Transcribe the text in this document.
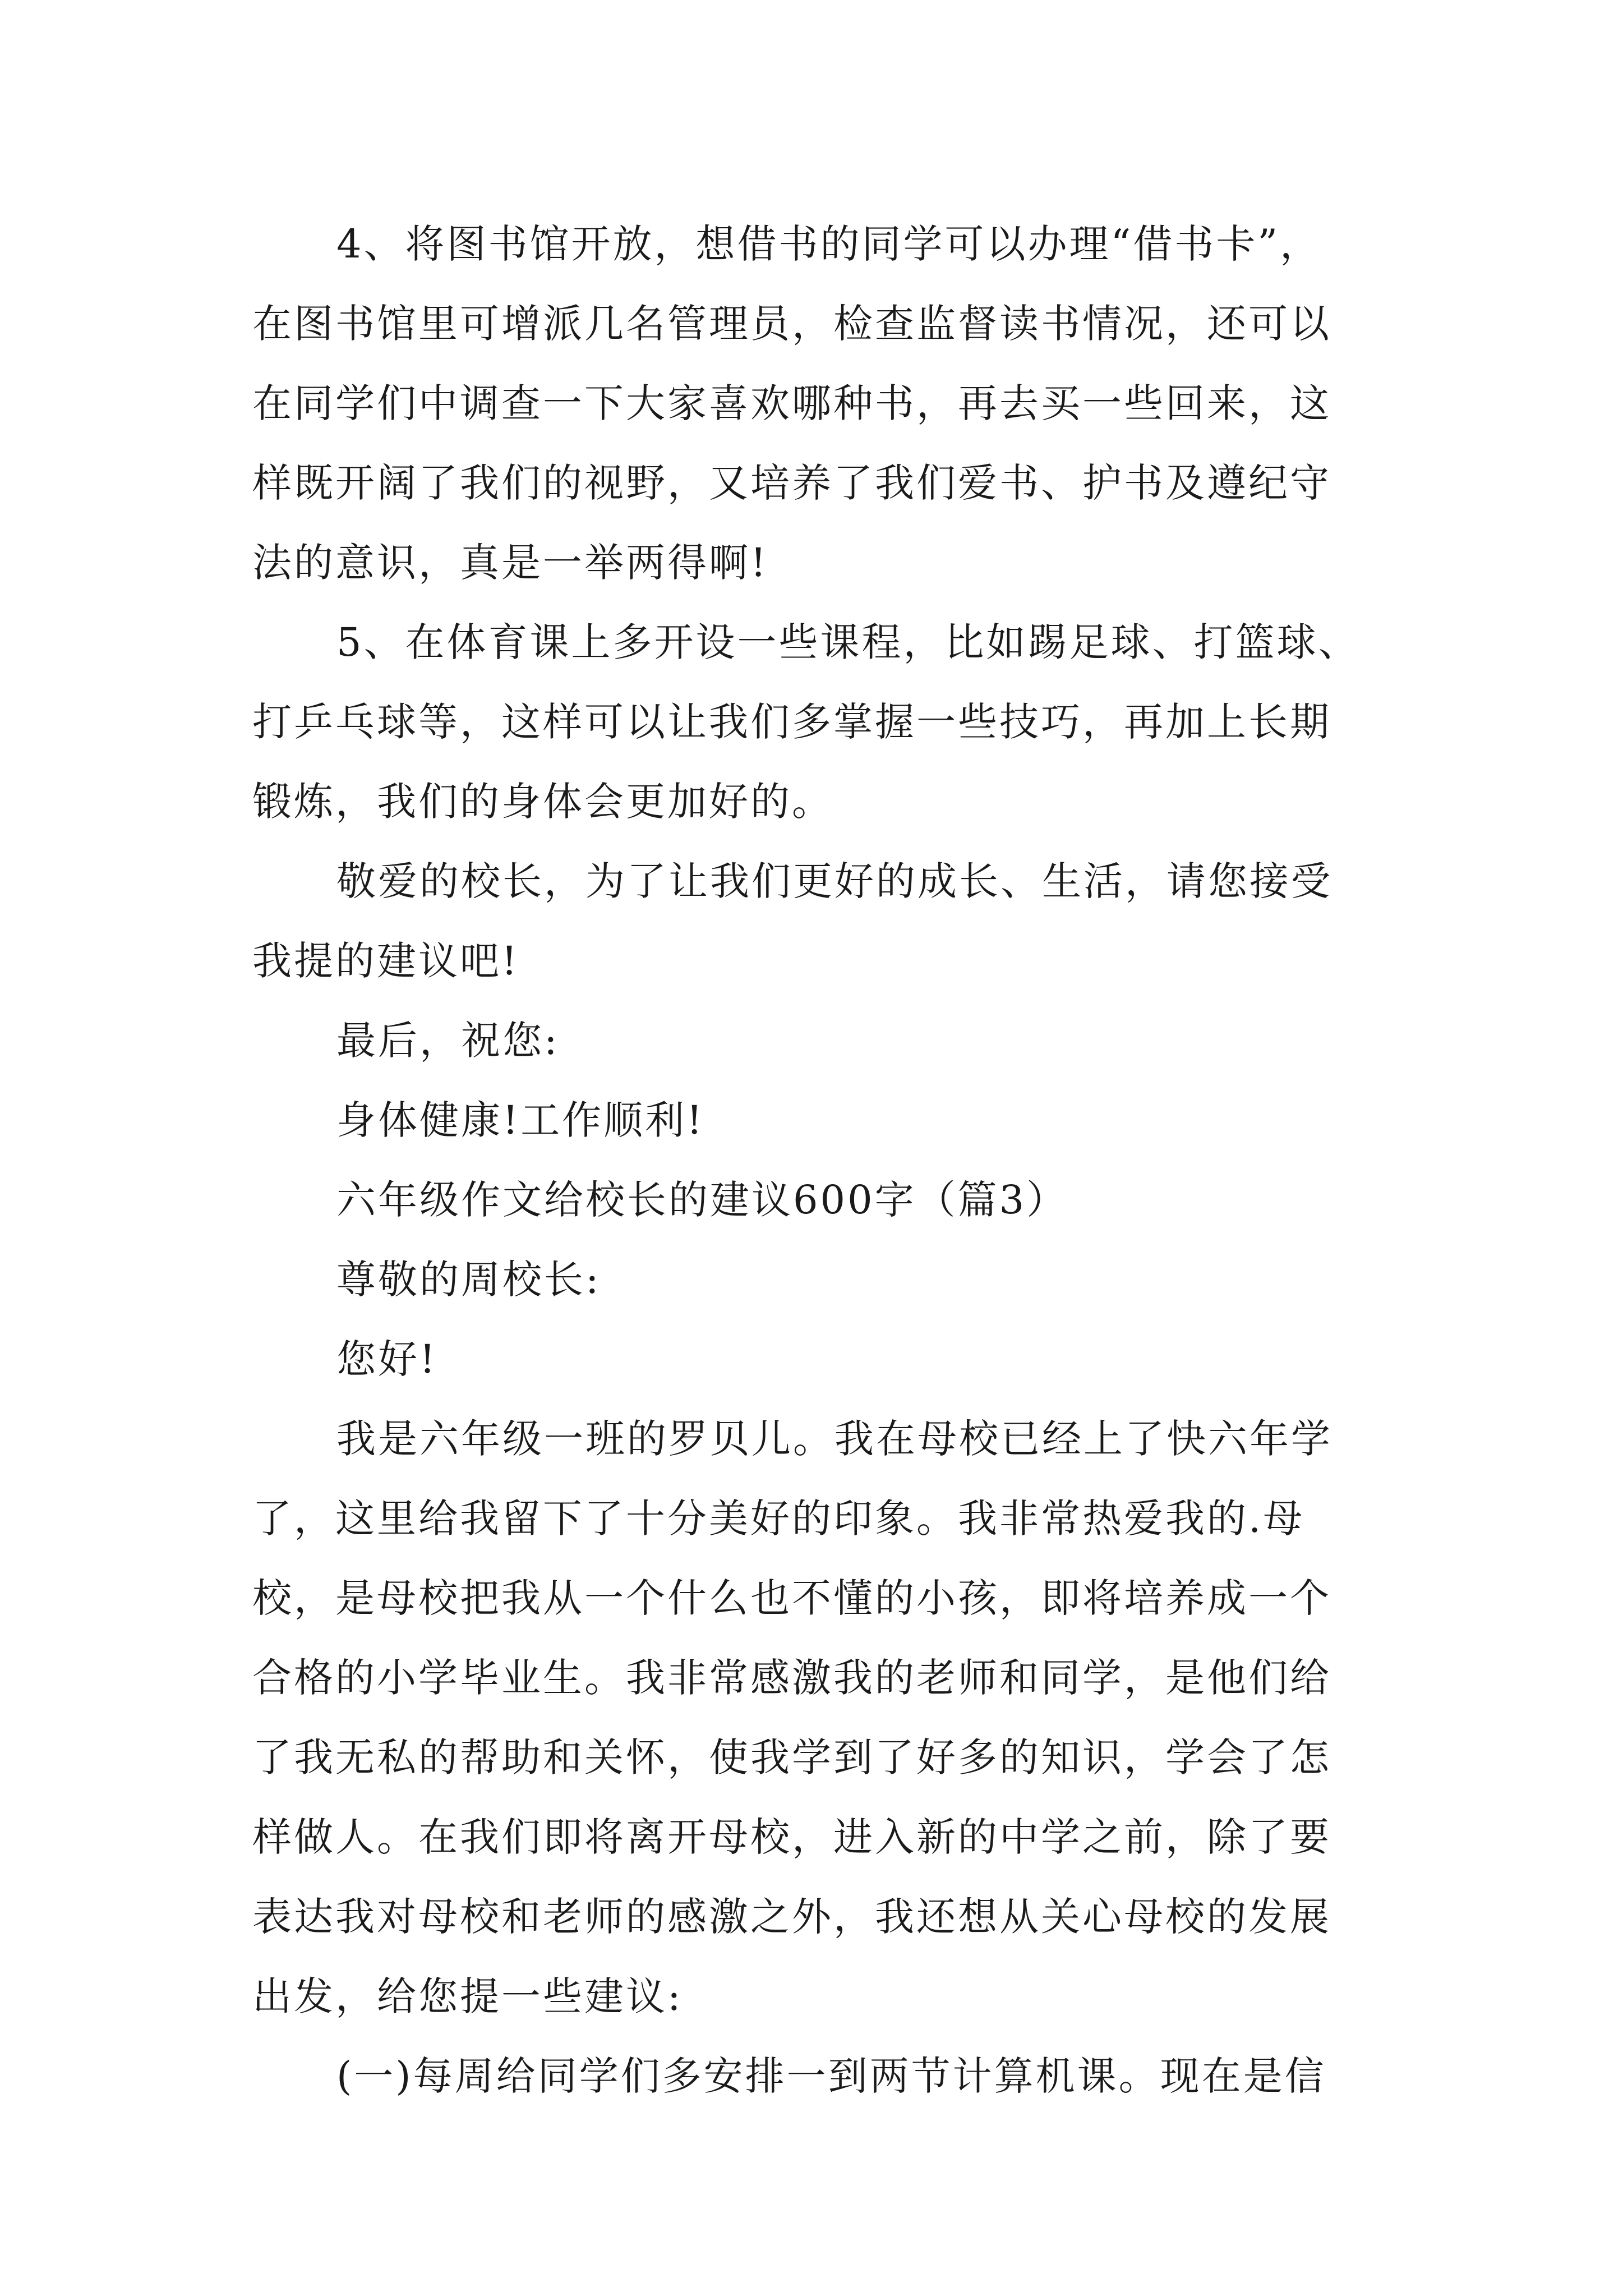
4、将图书馆开放，想借书的同学可以办理“借书卡”，
在图书馆里可增派几名管理员，检查监督读书情况，还可以
在同学们中调查一下大家喜欢哪种书，再去买一些回来，这
样既开阔了我们的视野，又培养了我们爱书、护书及遵纪守
法的意识，真是一举两得啊!
5、在体育课上多开设一些课程，比如踢足球、打篮球、
打乒乓球等，这样可以让我们多掌握一些技巧，再加上长期
锻炼，我们的身体会更加好的。
敬爱的校长，为了让我们更好的成长、生活，请您接受
我提的建议吧!
最后，祝您:
身体健康!工作顺利!
六年级作文给校长的建议600字（篇3）
尊敬的周校长:
您好!
我是六年级一班的罗贝儿。我在母校已经上了快六年学
了，这里给我留下了十分美好的印象。我非常热爱我的.母
校，是母校把我从一个什么也不懂的小孩，即将培养成一个
合格的小学毕业生。我非常感激我的老师和同学，是他们给
了我无私的帮助和关怀，使我学到了好多的知识，学会了怎
样做人。在我们即将离开母校，进入新的中学之前，除了要
表达我对母校和老师的感激之外，我还想从关心母校的发展
出发，给您提一些建议:
(一)每周给同学们多安排一到两节计算机课。现在是信
